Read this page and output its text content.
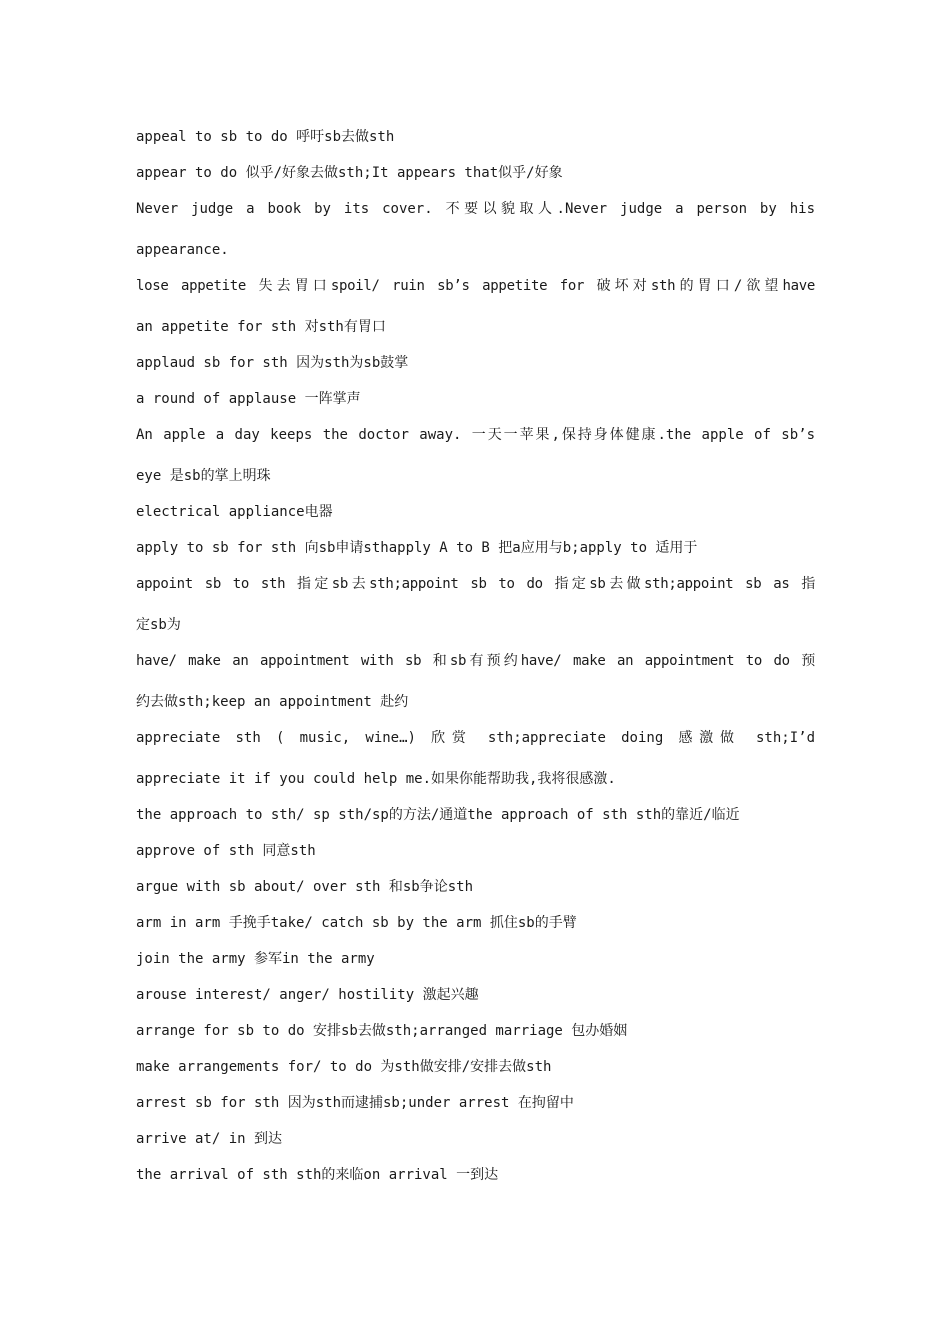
appeal to sb to do 呼吁sb去做sth
appear to do 似乎/好象去做sth;It appears that似乎/好象
Never judge a book by its cover. 不要以貌取人.Never judge a person by his
appearance.
lose appetite 失去胃口spoil/ ruin sb’s appetite for 破坏对sth的胃口/欲望have
an appetite for sth 对sth有胃口
applaud sb for sth 因为sth为sb鼓掌
a round of applause 一阵掌声
An apple a day keeps the doctor away. 一天一苹果,保持身体健康.the apple of sb’s
eye 是sb的掌上明珠
electrical appliance电器
apply to sb for sth 向sb申请sthapply A to B 把a应用与b;apply to 适用于
appoint sb to sth 指定sb去sth;appoint sb to do 指定sb去做sth;appoint sb as 指
定sb为
have/ make an appointment with sb 和sb有预约have/ make an appointment to do 预
约去做sth;keep an appointment 赴约
appreciate sth ( music, wine…) 欣赏 sth;appreciate doing 感激做 sth;I’d
appreciate it if you could help me.如果你能帮助我,我将很感激.
the approach to sth/ sp sth/sp的方法/通道the approach of sth sth的靠近/临近
approve of sth 同意sth
argue with sb about/ over sth 和sb争论sth
arm in arm 手挽手take/ catch sb by the arm 抓住sb的手臂
join the army 参军in the army
arouse interest/ anger/ hostility 激起兴趣
arrange for sb to do 安排sb去做sth;arranged marriage 包办婚姻
make arrangements for/ to do 为sth做安排/安排去做sth
arrest sb for sth 因为sth而逮捕sb;under arrest 在拘留中
arrive at/ in 到达
the arrival of sth sth的来临on arrival 一到达
